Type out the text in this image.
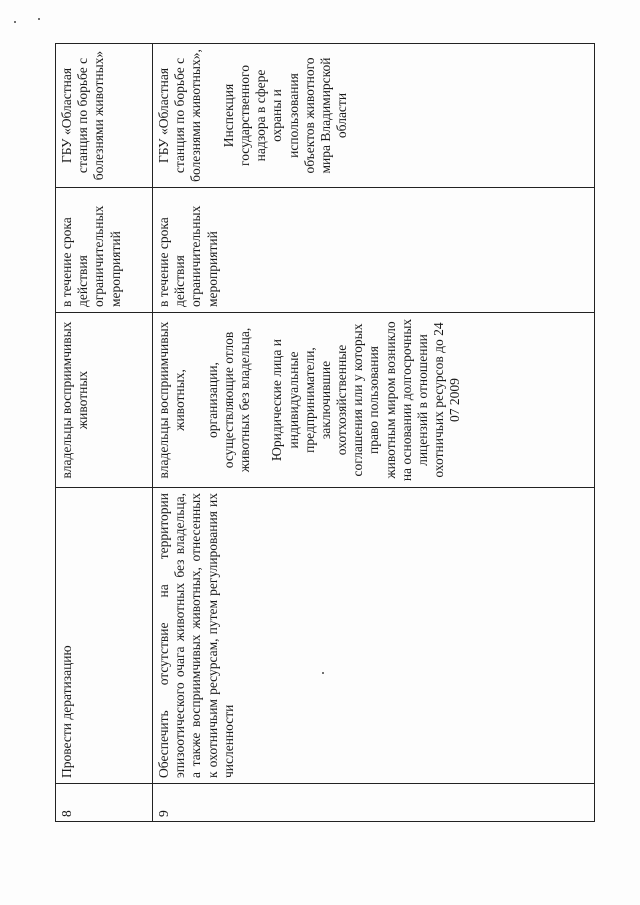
8	Провести дератизацию	владельцы восприимчивых животных	в течение срока действия ограничительных мероприятий	ГБУ «Областная станция по борьбе с болезнями животных»
9	Обеспечить отсутствие на территории эпизоотического очага животных без владельца, а также восприимчивых животных, отнесенных к охотничьим ресурсам, путем регулирования их численности	владельцы восприимчивых животных, организации, осуществляющие отлов животных без владельца, Юридические лица и индивидуальные предприниматели, заключившие охотхозяйственные соглашения или у которых право пользования животным миром возникло на основании долгосрочных лицензий в отношении охотничьих ресурсов до 24 07 2009	в течение срока действия ограничительных мероприятий	ГБУ «Областная станция по борьбе с болезнями животных», Инспекция государственного надзора в сфере охраны и использования объектов животного мира Владимирской области
